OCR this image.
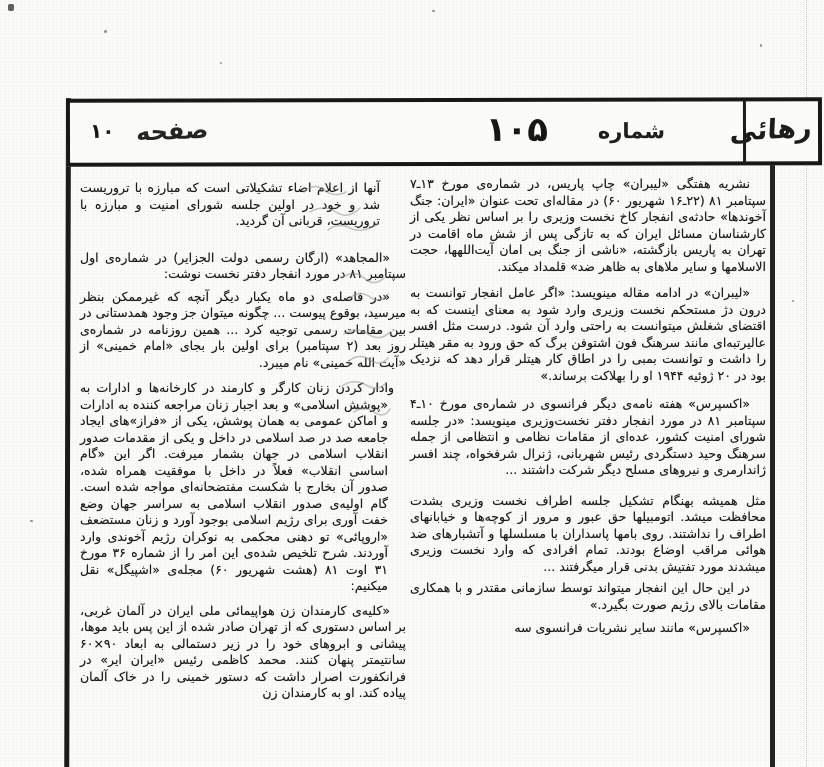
رهائی
شماره
۱۰۵
صفحه
۱۰

نشریه هفتگی «لیبران» چاپ پاریس، در شماره‌ی مورخ ۱۳ـ۷ سپتامبر ۸۱ (۲۲ـ۱۶ شهریور ۶۰) در مقاله‌ای تحت عنوان «ایران: جنگ آخوندها» حادثه‌ی انفجار کاخ نخست وزیری را بر اساس نظر یکی از کارشناسان مسائل ایران که به تازگی پس از شش ماه اقامت در تهران به پاریس بازگشته، «ناشی از جنگ بی امان آیت‌اللهها، حجت الاسلامها و سایر ملاهای به ظاهر ضد» قلمداد میکند.

«لیبران» در ادامه مقاله مینویسد: «اگر عامل انفجار توانست به درون دژ مستحکم نخست وزیری وارد شود به معنای اینست که به اقتضای شغلش میتوانست به راحتی وارد آن شود. درست مثل افسر عالیرتبه‌ای مانند سرهنگ فون اشتوفن برگ که حق ورود به مقر هیتلر را داشت و توانست بمبی را در اطاق کار هیتلر قرار دهد که نزدیک بود در ۲۰ ژوئیه ۱۹۴۴ او را بهلاکت برساند.»

«اکسپرس» هفته نامه‌ی دیگر فرانسوی در شماره‌ی مورخ ۱۰ـ۴ سپتامبر ۸۱ در مورد انفجار دفتر نخست‌وزیری مینویسد: «در جلسه شورای امنیت کشور، عده‌ای از مقامات نظامی و انتظامی از جمله سرهنگ وحید دستگردی رئیس شهربانی، ژنرال شرفخواه، چند افسر ژاندارمری و نیروهای مسلح دیگر شرکت داشتند ...

مثل همیشه بهنگام تشکیل جلسه اطراف نخست وزیری بشدت محافظت میشد. اتومبیلها حق عبور و مرور از کوچه‌ها و خیابانهای اطراف را نداشتند. روی بامها پاسداران با مسلسلها و آتشبارهای ضد هوائی مراقب اوضاع بودند. تمام افرادی که وارد نخست وزیری میشدند مورد تفتیش بدنی قرار میگرفتند ...

در این حال این انفجار میتواند توسط سازمانی مقتدر و با همکاری مقامات بالای رژیم صورت بگیرد.»

«اکسپرس» مانند سایر نشریات فرانسوی سه

آنها از اعلام اضاء تشکیلاتی است که مبارزه با تروریست شد و خود در اولین جلسه شورای امنیت و مبارزه با تروریست، قربانی آن گردید.

«المجاهد» (ارگان رسمی دولت الجزایر) در شماره‌ی اول سپتامبر ۸۱ در مورد انفجار دفتر نخست نوشت:

«در فاصله‌ی دو ماه یکبار دیگر آنچه که غیرممکن بنظر میرسید، بوقوع پیوست ... چگونه میتوان جز وجود همدستانی در بین مقامات رسمی توجیه کرد ... همین روزنامه در شماره‌ی روز بعد (۲ سپتامبر) برای اولین بار بجای «امام خمینی» از «آیت الله خمینی» نام میبرد.

وادار کردن زنان کارگر و کارمند در کارخانه‌ها و ادارات به «پوشش اسلامی» و بعد اجبار زنان مراجعه کننده به ادارات و اماکن عمومی به همان پوشش، یکی از «فراز»های ایجاد جامعه صد در صد اسلامی در داخل و یکی از مقدمات صدور انقلاب اسلامی در جهان بشمار میرفت. اگر این «گام اساسی انقلاب» فعلاً در داخل با موفقیت همراه شده، صدور آن بخارج با شکست مفتضحانه‌ای مواجه شده است. گام اولیه‌ی صدور انقلاب اسلامی به سراسر جهان وضع خفت آوری برای رژیم اسلامی بوجود آورد و زنان مستضعف «اروپائی» تو دهنی محکمی به نوکران رژیم آخوندی وارد آوردند. شرح تلخیص شده‌ی این امر را از شماره ۳۶ مورخ ۳۱ اوت ۸۱ (هشت شهریور ۶۰) مجله‌ی «اشپیگل» نقل میکنیم:

«کلیه‌ی کارمندان زن هواپیمائی ملی ایران در آلمان غربی، بر اساس دستوری که از تهران صادر شده از این پس باید موها، پیشانی و ابروهای خود را در زیر دستمالی به ابعاد ۹۰×۶۰ سانتیمتر پنهان کنند. محمد کاظمی رئیس «ایران ایر» در فرانکفورت اصرار داشت که دستور خمینی را در خاک آلمان پیاده کند. او به کارمندان زن
